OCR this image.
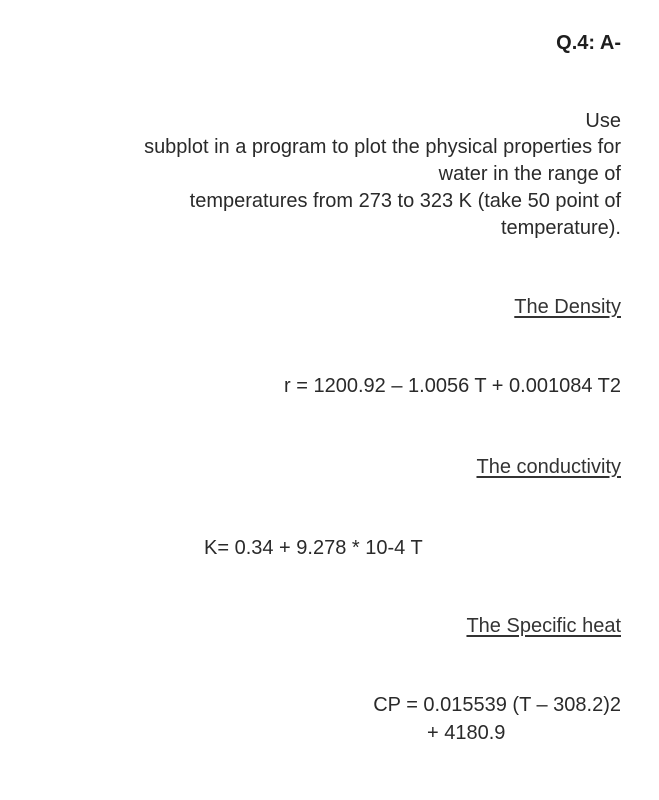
Q.4: A-
Use
subplot in a program to plot the physical properties for
water in the range of
temperatures from 273 to 323 K (take 50 point of
temperature).
The Density
r = 1200.92 – 1.0056 T + 0.001084 T2
The conductivity
K= 0.34 + 9.278 * 10-4 T
The Specific heat
CP = 0.015539 (T – 308.2)2
+ 4180.9
